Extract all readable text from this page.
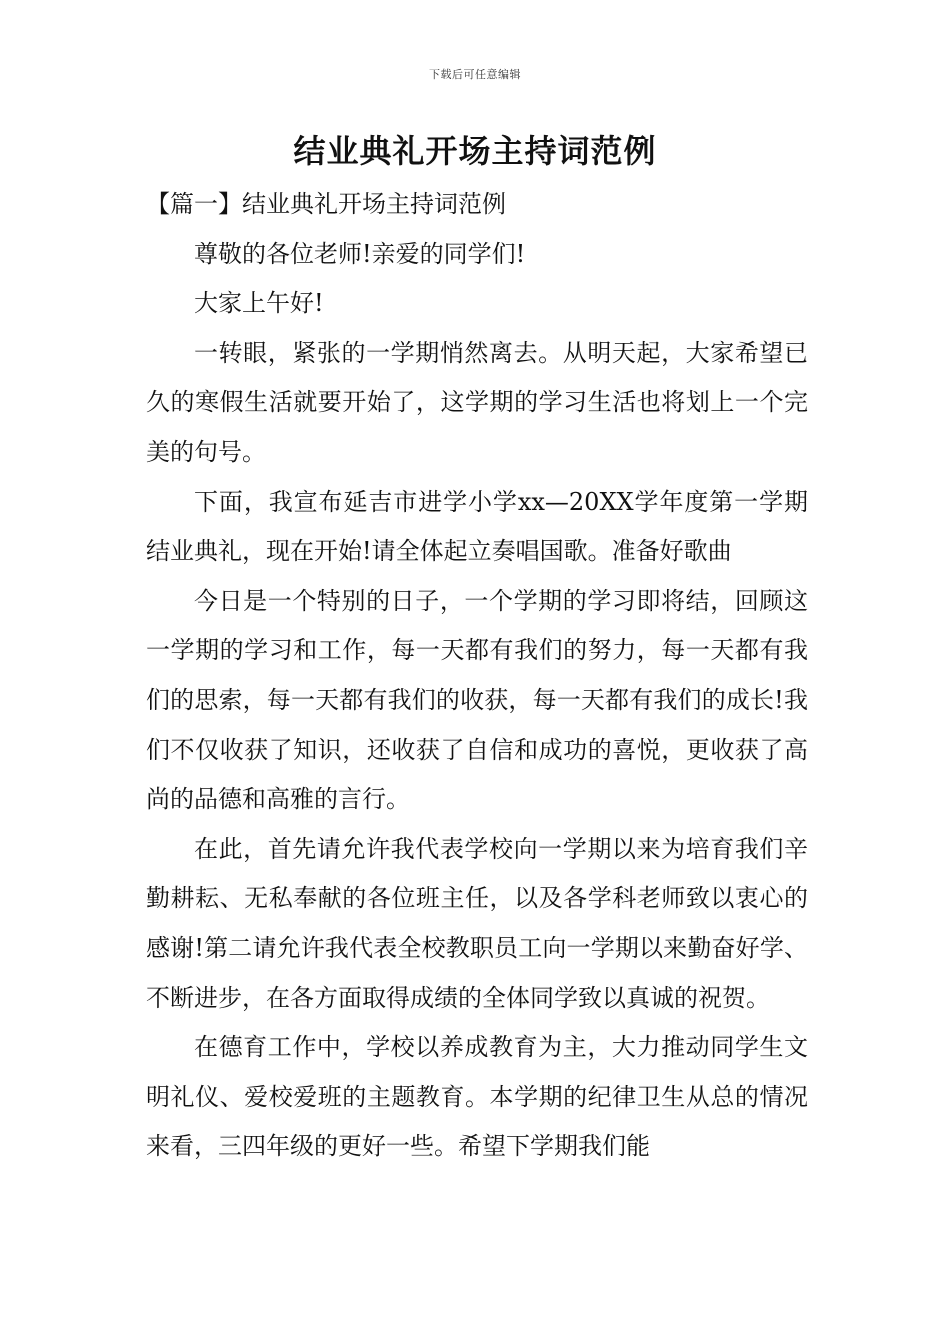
下载后可任意编辑
结业典礼开场主持词范例

【篇一】结业典礼开场主持词范例

尊敬的各位老师!亲爱的同学们!

大家上午好!

一转眼，紧张的一学期悄然离去。从明天起，大家希望已久的寒假生活就要开始了，这学期的学习生活也将划上一个完美的句号。

下面，我宣布延吉市进学小学xx—20XX学年度第一学期结业典礼，现在开始!请全体起立奏唱国歌。准备好歌曲

今日是一个特别的日子，一个学期的学习即将结，回顾这一学期的学习和工作，每一天都有我们的努力，每一天都有我们的思索，每一天都有我们的收获，每一天都有我们的成长!我们不仅收获了知识，还收获了自信和成功的喜悦，更收获了高尚的品德和高雅的言行。

在此，首先请允许我代表学校向一学期以来为培育我们辛勤耕耘、无私奉献的各位班主任，以及各学科老师致以衷心的感谢!第二请允许我代表全校教职员工向一学期以来勤奋好学、不断进步，在各方面取得成绩的全体同学致以真诚的祝贺。

在德育工作中，学校以养成教育为主，大力推动同学生文明礼仪、爱校爱班的主题教育。本学期的纪律卫生从总的情况来看，三四年级的更好一些。希望下学期我们能
